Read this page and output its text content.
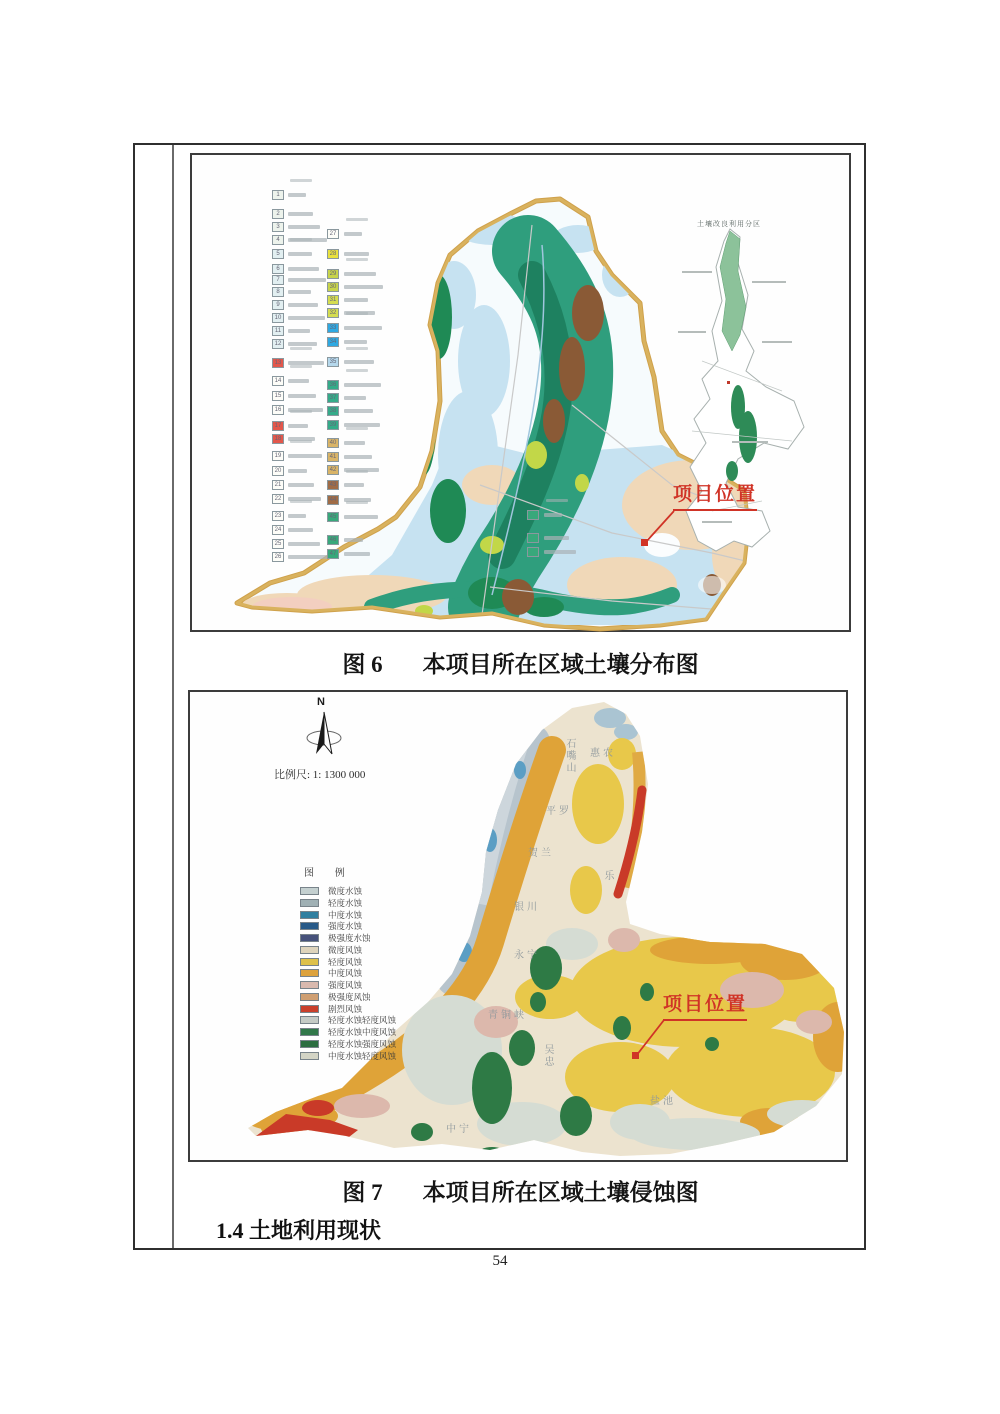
1
2
3
4
5
6
7
8
9
10
11
12
13
14
15
16
17
18
19
20
21
22
23
24
25
26
27
28
29
30
31
32
33
34
35
36
37
38
39
40
41
42
43
44
45
46
47
土壤改良利用分区
项目位置
图 6 本项目所在区域土壤分布图
N
比例尺: 1: 1300 000
图 例
微度水蚀
轻度水蚀
中度水蚀
强度水蚀
极强度水蚀
微度风蚀
轻度风蚀
中度风蚀
强度风蚀
极强度风蚀
剧烈风蚀
轻度水蚀轻度风蚀
轻度水蚀中度风蚀
轻度水蚀强度风蚀
中度水蚀轻度风蚀
石嘴山 惠农
平罗
贺兰
乐
银川
永宁
青铜峡
吴忠
中宁
盐池
项目位置
图 7 本项目所在区域土壤侵蚀图
1.4 土地利用现状
54
